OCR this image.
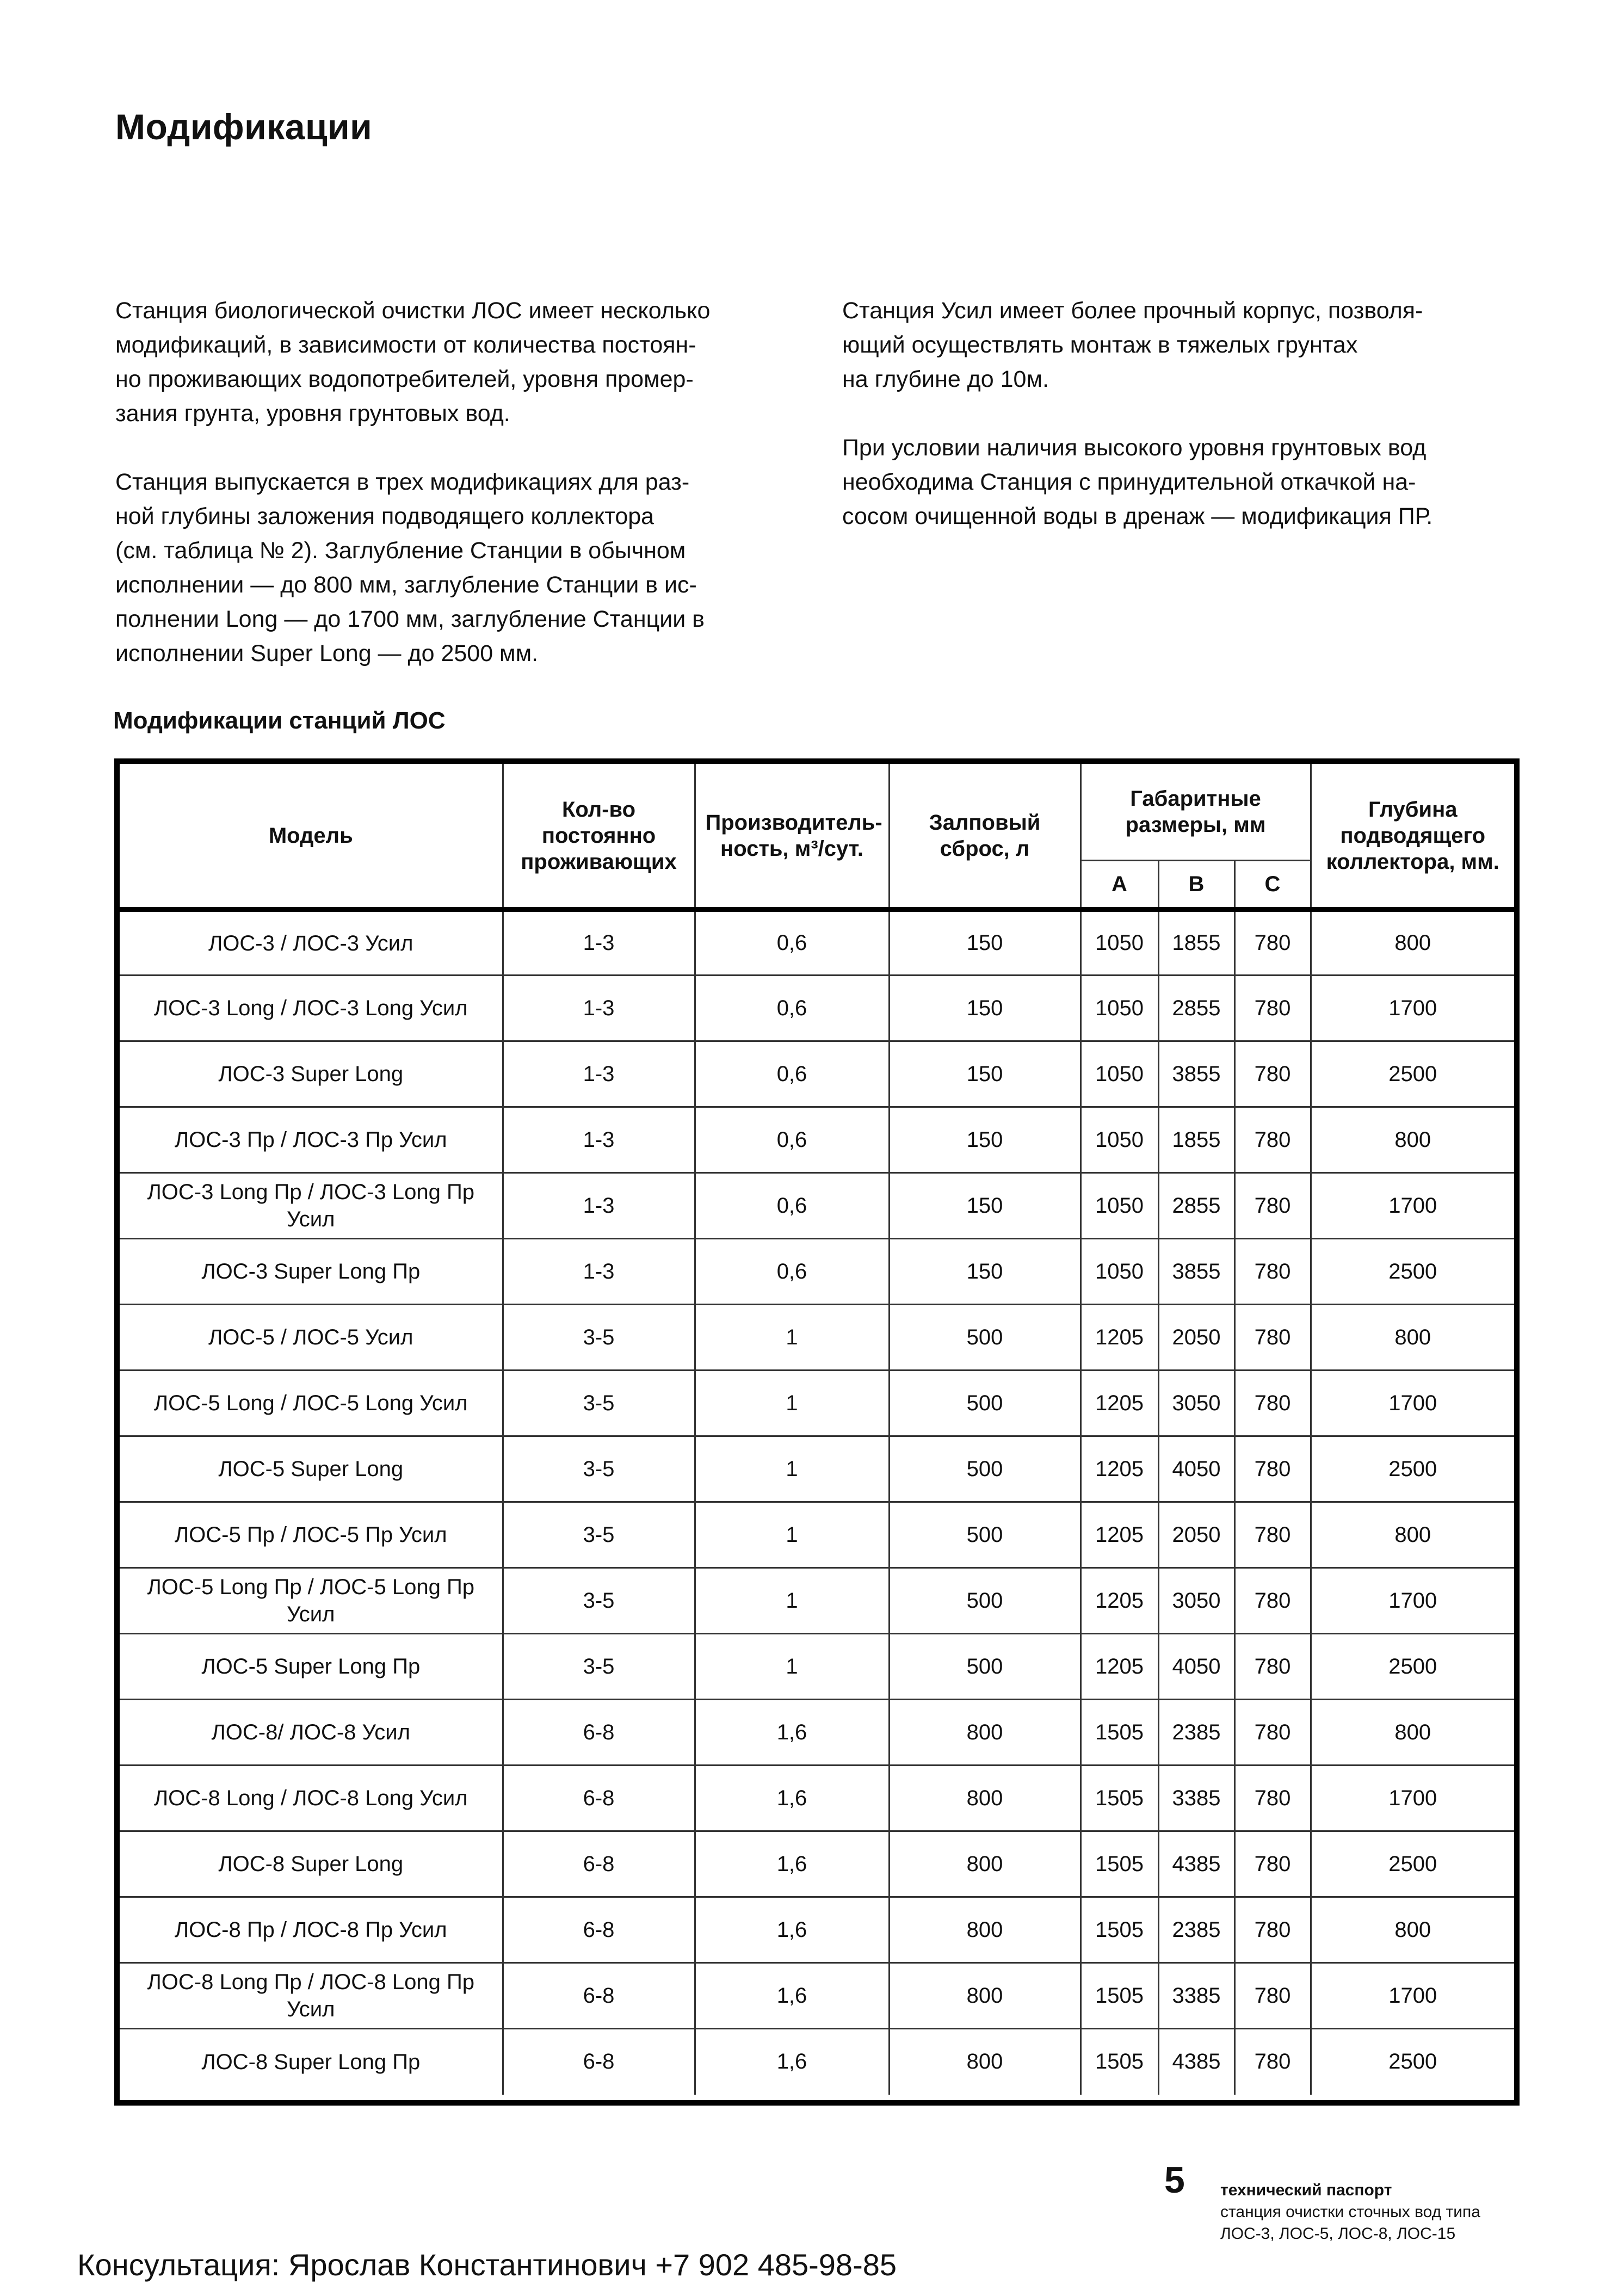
Модификации

Станция биологической очистки ЛОС имеет несколько
модификаций, в зависимости от количества постоян-
но проживающих водопотребителей, уровня промер-
зания грунта, уровня грунтовых вод.

Станция выпускается в трех модификациях для раз-
ной глубины заложения подводящего коллектора
(см. таблица № 2). Заглубление Станции в обычном
исполнении — до 800 мм, заглубление Станции в ис-
полнении Long — до 1700 мм, заглубление Станции в
исполнении Super Long — до 2500 мм.

Станция Усил имеет более прочный корпус, позволя-
ющий осуществлять монтаж в тяжелых грунтах
на глубине до 10м.

При условии наличия высокого уровня грунтовых вод
необходима Станция с принудительной откачкой на-
сосом очищенной воды в дренаж — модификация ПР.

Модификации станций ЛОС
Модель	Кол-во постоянно проживающих	Производитель-ность, м³/сут.	Залповый сброс, л	Габаритные размеры, мм			Глубина подводящего коллектора, мм.
				A	B	C	
ЛОС-3 / ЛОС-3 Усил	1-3	0,6	150	1050	1855	780	800
ЛОС-3 Long / ЛОС-3 Long Усил	1-3	0,6	150	1050	2855	780	1700
ЛОС-3 Super Long	1-3	0,6	150	1050	3855	780	2500
ЛОС-3 Пр / ЛОС-3 Пр Усил	1-3	0,6	150	1050	1855	780	800
ЛОС-3 Long Пр / ЛОС-3 Long Пр Усил	1-3	0,6	150	1050	2855	780	1700
ЛОС-3 Super Long Пр	1-3	0,6	150	1050	3855	780	2500
ЛОС-5 / ЛОС-5 Усил	3-5	1	500	1205	2050	780	800
ЛОС-5 Long / ЛОС-5 Long Усил	3-5	1	500	1205	3050	780	1700
ЛОС-5 Super Long	3-5	1	500	1205	4050	780	2500
ЛОС-5 Пр / ЛОС-5 Пр Усил	3-5	1	500	1205	2050	780	800
ЛОС-5 Long Пр / ЛОС-5 Long Пр Усил	3-5	1	500	1205	3050	780	1700
ЛОС-5 Super Long Пр	3-5	1	500	1205	4050	780	2500
ЛОС-8/ ЛОС-8 Усил	6-8	1,6	800	1505	2385	780	800
ЛОС-8 Long / ЛОС-8 Long Усил	6-8	1,6	800	1505	3385	780	1700
ЛОС-8 Super Long	6-8	1,6	800	1505	4385	780	2500
ЛОС-8 Пр / ЛОС-8 Пр Усил	6-8	1,6	800	1505	2385	780	800
ЛОС-8 Long Пр / ЛОС-8 Long Пр Усил	6-8	1,6	800	1505	3385	780	1700
ЛОС-8 Super Long Пр	6-8	1,6	800	1505	4385	780	2500
5 технический паспорт
станция очистки сточных вод типа
ЛОС-3, ЛОС-5, ЛОС-8, ЛОС-15
Консультация: Ярослав Константинович +7 902 485-98-85
